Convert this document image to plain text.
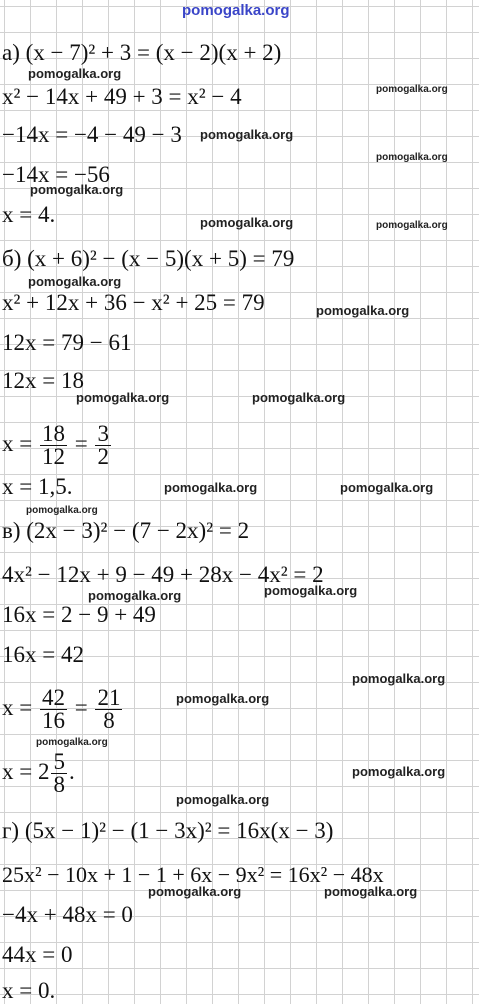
pomogalka.org
а) (x − 7)² + 3 = (x − 2)(x + 2)
x² − 14x + 49 + 3 = x² − 4
−14x = −4 − 49 − 3
−14x = −56
x = 4.
б) (x + 6)² − (x − 5)(x + 5) = 79
x² + 12x + 36 − x² + 25 = 79
12x = 79 − 61
12x = 18
$x = \frac{18}{12} = \frac{3}{2}$
x = 1,5.
в) (2x − 3)² − (7 − 2x)² = 2
4x² − 12x + 9 − 49 + 28x − 4x² = 2
16x = 2 − 9 + 49
16x = 42
$x = \frac{42}{16} = \frac{21}{8}$
$x = 2 \frac{5}{8}$ .
г) (5x − 1)² − (1 − 3x)² = 16x(x − 3)
25x² − 10x + 1 − 1 + 6x − 9x² = 16x² − 48x
−4x + 48x = 0
44x = 0
x = 0.
pomogalka.org
pomogalka.org
pomogalka.org
pomogalka.org
pomogalka.org
pomogalka.org	pomogalka.org
pomogalka.org
pomogalka.org
pomogalka.org	pomogalka.org
pomogalka.org	pomogalka.org
pomogalka.org
pomogalka.org	pomogalka.org
pomogalka.org
pomogalka.org
pomogalka.org
pomogalka.org
pomogalka.org
pomogalka.org	pomogalka.org
